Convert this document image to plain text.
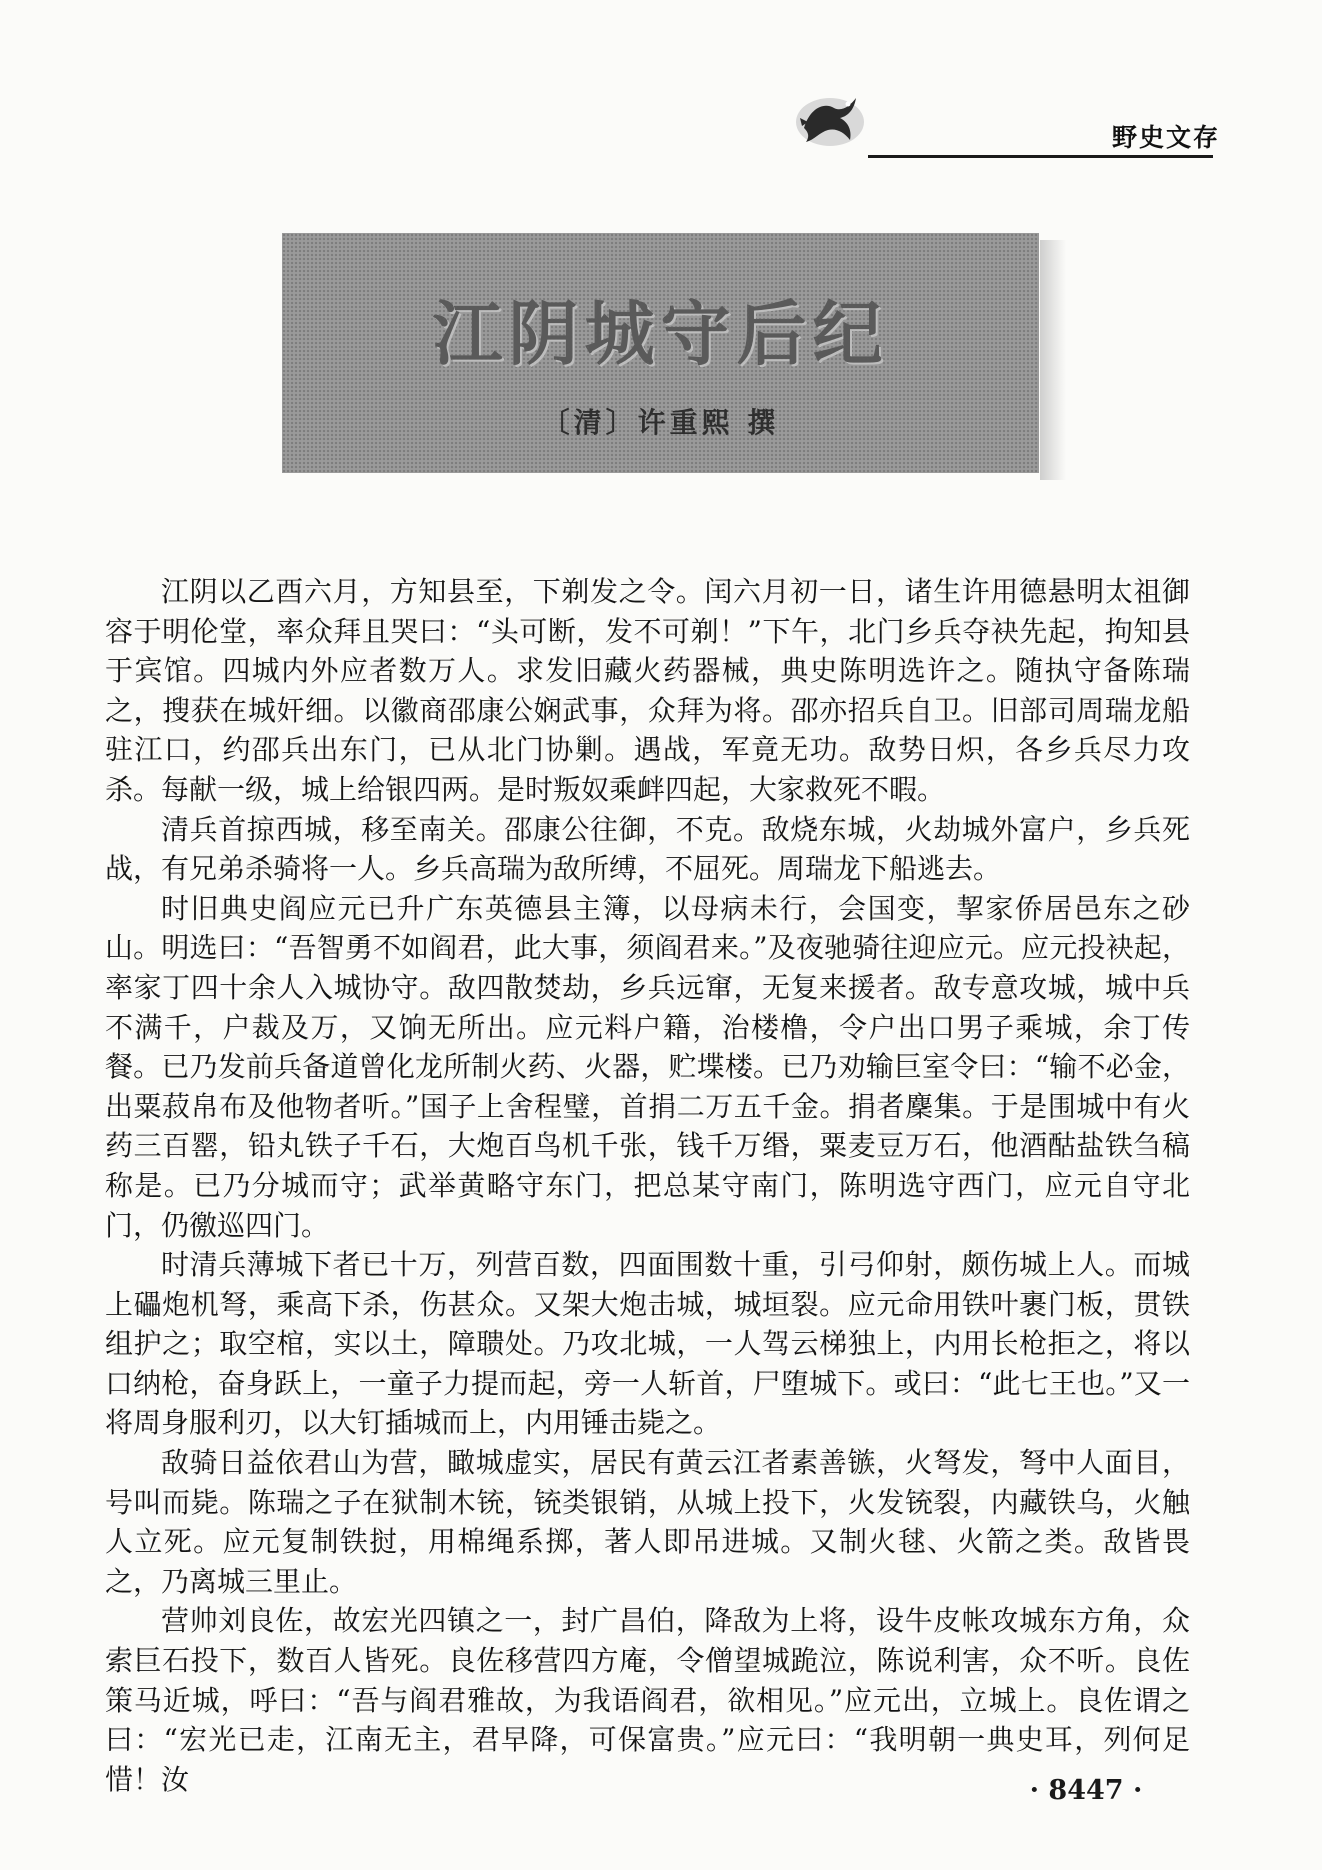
野史文存
江阴城守后纪
〔清〕许重熙 撰

江阴以乙酉六月，方知县至，下剃发之令。闰六月初一日，诸生许用德悬明太祖御容于明伦堂，率众拜且哭曰：“头可断，发不可剃！”下午，北门乡兵夺袂先起，拘知县于宾馆。四城内外应者数万人。求发旧藏火药器械，典史陈明选许之。随执守备陈瑞之，搜获在城奸细。以徽商邵康公娴武事，众拜为将。邵亦招兵自卫。旧部司周瑞龙船驻江口，约邵兵出东门，已从北门协剿。遇战，军竟无功。敌势日炽，各乡兵尽力攻杀。每献一级，城上给银四两。是时叛奴乘衅四起，大家救死不暇。

清兵首掠西城，移至南关。邵康公往御，不克。敌烧东城，火劫城外富户，乡兵死战，有兄弟杀骑将一人。乡兵高瑞为敌所缚，不屈死。周瑞龙下船逃去。

时旧典史阎应元已升广东英德县主簿，以母病未行，会国变，挈家侨居邑东之砂山。明选曰：“吾智勇不如阎君，此大事，须阎君来。”及夜驰骑往迎应元。应元投袂起，率家丁四十余人入城协守。敌四散焚劫，乡兵远窜，无复来援者。敌专意攻城，城中兵不满千，户裁及万，又饷无所出。应元料户籍，治楼橹，令户出口男子乘城，余丁传餐。已乃发前兵备道曾化龙所制火药、火器，贮堞楼。已乃劝输巨室令曰：“输不必金，出粟菽帛布及他物者听。”国子上舍程璧，首捐二万五千金。捐者麇集。于是围城中有火药三百罂，铅丸铁子千石，大炮百鸟机千张，钱千万缗，粟麦豆万石，他酒酤盐铁刍稿称是。已乃分城而守；武举黄略守东门，把总某守南门，陈明选守西门，应元自守北门，仍徼巡四门。

时清兵薄城下者已十万，列营百数，四面围数十重，引弓仰射，颇伤城上人。而城上礧炮机弩，乘高下杀，伤甚众。又架大炮击城，城垣裂。应元命用铁叶裹门板，贯铁组护之；取空棺，实以土，障聩处。乃攻北城，一人驾云梯独上，内用长枪拒之，将以口纳枪，奋身跃上，一童子力提而起，旁一人斩首，尸堕城下。或曰：“此七王也。”又一将周身服利刃，以大钉插城而上，内用锤击毙之。

敌骑日益依君山为营，瞰城虚实，居民有黄云江者素善镞，火弩发，弩中人面目，号叫而毙。陈瑞之子在狱制木铳，铳类银销，从城上投下，火发铳裂，内藏铁乌，火触人立死。应元复制铁挝，用棉绳系掷，著人即吊进城。又制火毬、火箭之类。敌皆畏之，乃离城三里止。

营帅刘良佐，故宏光四镇之一，封广昌伯，降敌为上将，设牛皮帐攻城东方角，众索巨石投下，数百人皆死。良佐移营四方庵，令僧望城跪泣，陈说利害，众不听。良佐策马近城，呼曰：“吾与阎君雅故，为我语阎君，欲相见。”应元出，立城上。良佐谓之曰：“宏光已走，江南无主，君早降，可保富贵。”应元曰：“我明朝一典史耳，列何足惜！汝	· 8447 ·
